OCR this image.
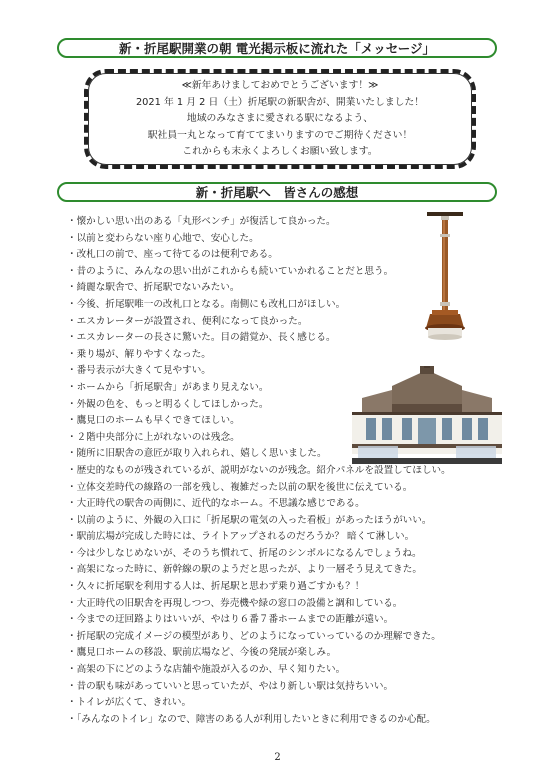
新・折尾駅開業の朝 電光掲示板に流れた「メッセージ」
≪新年あけましておめでとうございます！≫
2021 年 1 月 2 日（土）折尾駅の新駅舎が、開業いたしました！
地域のみなさまに愛される駅になるよう、
駅社員一丸となって育ててまいりますのでご期待ください！
これからも末永くよろしくお願い致します。
新・折尾駅へ　皆さんの感想
・懐かしい思い出のある「丸形ベンチ」が復活して良かった。
・以前と変わらない座り心地で、安心した。
・改札口の前で、座って待てるのは便利である。
・昔のように、みんなの思い出がこれからも続いていかれることだと思う。
・綺麗な駅舎で、折尾駅でないみたい。
・今後、折尾駅唯一の改札口となる。南側にも改札口がほしい。
・エスカレーターが設置され、便利になって良かった。
・エスカレーターの長さに驚いた。目の錯覚か、長く感じる。
・乗り場が、解りやすくなった。
・番号表示が大きくて見やすい。
・ホームから「折尾駅舎」があまり見えない。
・外観の色を、もっと明るくしてほしかった。
・鷹見口のホームも早くできてほしい。
・２階中央部分に上がれないのは残念。
・随所に旧駅舎の意匠が取り入れられ、嬉しく思いました。
・歴史的なものが残されているが、説明がないのが残念。紹介パネルを設置してほしい。
・立体交差時代の線路の一部を残し、複雑だった以前の駅を後世に伝えている。
・大正時代の駅舎の両側に、近代的なホーム。不思議な感じである。
・以前のように、外観の入口に「折尾駅の電気の入った看板」があったほうがいい。
・駅前広場が完成した時には、ライトアップされるのだろうか？ 暗くて淋しい。
・今は少しなじめないが、そのうち慣れて、折尾のシンボルになるんでしょうね。
・高架になった時に、新幹線の駅のようだと思ったが、より一層そう見えてきた。
・久々に折尾駅を利用する人は、折尾駅と思わず乗り過ごすかも？！
・大正時代の旧駅舎を再現しつつ、券売機や緑の窓口の設備と調和している。
・今までの迂回路よりはいいが、やはり６番７番ホームまでの距離が遠い。
・折尾駅の完成イメージの模型があり、どのようになっていっているのか理解できた。
・鷹見口ホームの移設、駅前広場など、今後の発展が楽しみ。
・高架の下にどのような店舗や施設が入るのか、早く知りたい。
・昔の駅も味があっていいと思っていたが、やはり新しい駅は気持ちいい。
・トイレが広くて、きれい。
・「みんなのトイレ」なので、障害のある人が利用したいときに利用できるのか心配。
2
